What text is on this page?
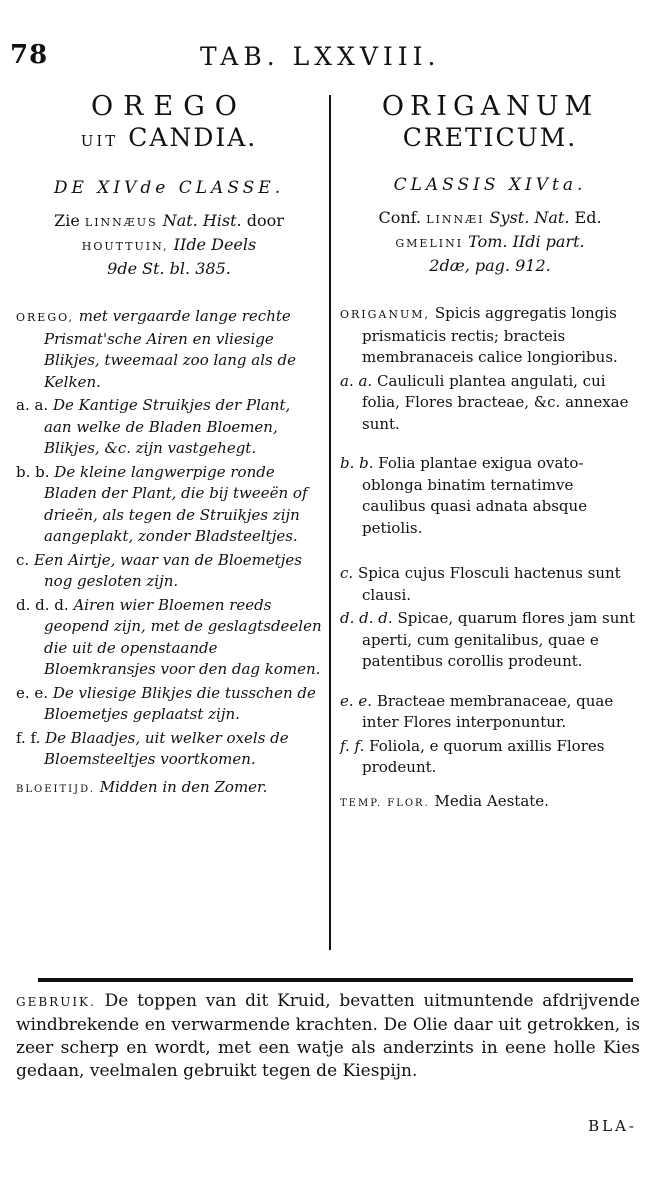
78	TAB. LXXVIII.
OREGO
UIT CANDIA.
DE XIVde CLASSE.
Zie LINNÆUS Nat. Hist. door
HOUTTUIN, IIde Deels
9de St. bl. 385.
OREGO, met vergaarde lange rechte Prismat'sche Airen en vliesige Blikjes, tweemaal zoo lang als de Kelken.
a. a. De Kantige Struikjes der Plant, aan welke de Bladen Bloemen, Blikjes, &c. zijn vastgehegt.
b. b. De kleine langwerpige ronde Bladen der Plant, die bij tweeën of drieën, als tegen de Struikjes zijn aangeplakt, zonder Bladsteeltjes.
c. Een Airtje, waar van de Bloemetjes nog gesloten zijn.
d. d. d. Airen wier Bloemen reeds geopend zijn, met de geslagtsdeelen die uit de openstaande Bloemkransjes voor den dag komen.
e. e. De vliesige Blikjes die tusschen de Bloemetjes geplaatst zijn.
f. f. De Blaadjes, uit welker oxels de Bloemsteeltjes voortkomen.
BLOEITIJD. Midden in den Zomer.
ORIGANUM
CRETICUM.
CLASSIS XIVta.
Conf. LINNÆI Syst. Nat. Ed.
GMELINI Tom. IIdi part.
2dæ, pag. 912.
ORIGANUM, Spicis aggregatis longis prismaticis rectis; bracteis membranaceis calice longioribus.
a. a. Cauliculi plantea angulati, cui folia, Flores bracteae, &c. annexae sunt.
b. b. Folia plantae exigua ovato-oblonga binatim ternatimve caulibus quasi adnata absque petiolis.
c. Spica cujus Flosculi hactenus sunt clausi.
d. d. d. Spicae, quarum flores jam sunt aperti, cum genitalibus, quae e patentibus corollis prodeunt.
e. e. Bracteae membranaceae, quae inter Flores interponuntur.
f. f. Foliola, e quorum axillis Flores prodeunt.
TEMP. FLOR. Media Aestate.
GEBRUIK. De toppen van dit Kruid, bevatten uitmuntende afdrijvende windbrekende en verwarmende krachten. De Olie daar uit getrokken, is zeer scherp en wordt, met een watje als anderzints in eene holle Kies gedaan, veelmalen gebruikt tegen de Kiespijn.
BLA-
